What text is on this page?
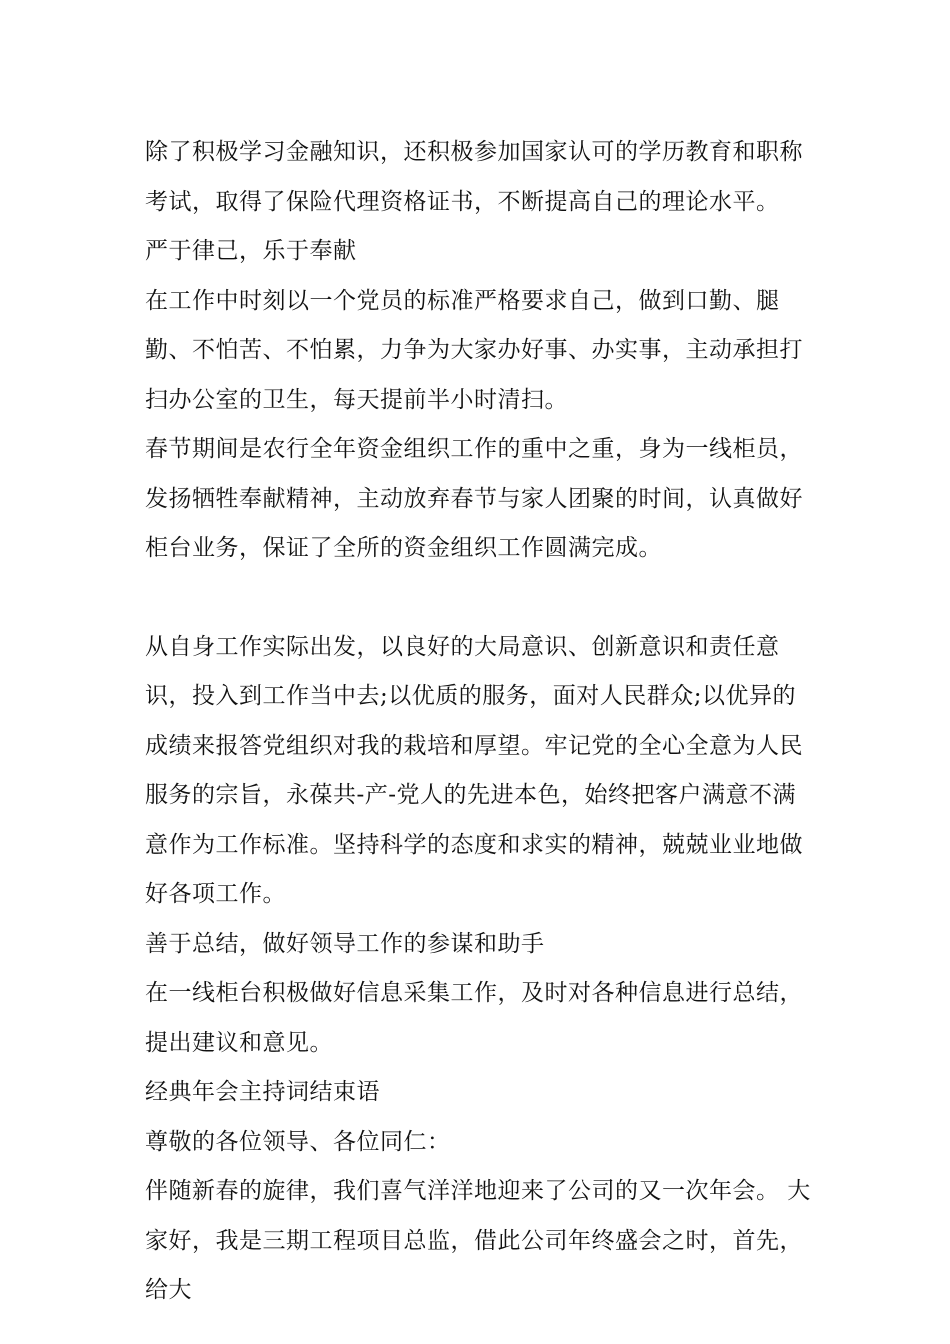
除了积极学习金融知识，还积极参加国家认可的学历教育和职称考试，取得了保险代理资格证书，不断提高自己的理论水平。

严于律己，乐于奉献

在工作中时刻以一个党员的标准严格要求自己，做到口勤、腿勤、不怕苦、不怕累，力争为大家办好事、办实事，主动承担打扫办公室的卫生，每天提前半小时清扫。

春节期间是农行全年资金组织工作的重中之重，身为一线柜员，发扬牺牲奉献精神，主动放弃春节与家人团聚的时间，认真做好柜台业务，保证了全所的资金组织工作圆满完成。

从自身工作实际出发，以良好的大局意识、创新意识和责任意识，投入到工作当中去;以优质的服务，面对人民群众;以优异的成绩来报答党组织对我的栽培和厚望。牢记党的全心全意为人民服务的宗旨，永葆共-产-党人的先进本色，始终把客户满意不满意作为工作标准。坚持科学的态度和求实的精神，兢兢业业地做好各项工作。

善于总结，做好领导工作的参谋和助手

在一线柜台积极做好信息采集工作，及时对各种信息进行总结，提出建议和意见。

经典年会主持词结束语

尊敬的各位领导、各位同仁：

伴随新春的旋律，我们喜气洋洋地迎来了公司的又一次年会。 大家好，我是三期工程项目总监，借此公司年终盛会之时，首先，给大
